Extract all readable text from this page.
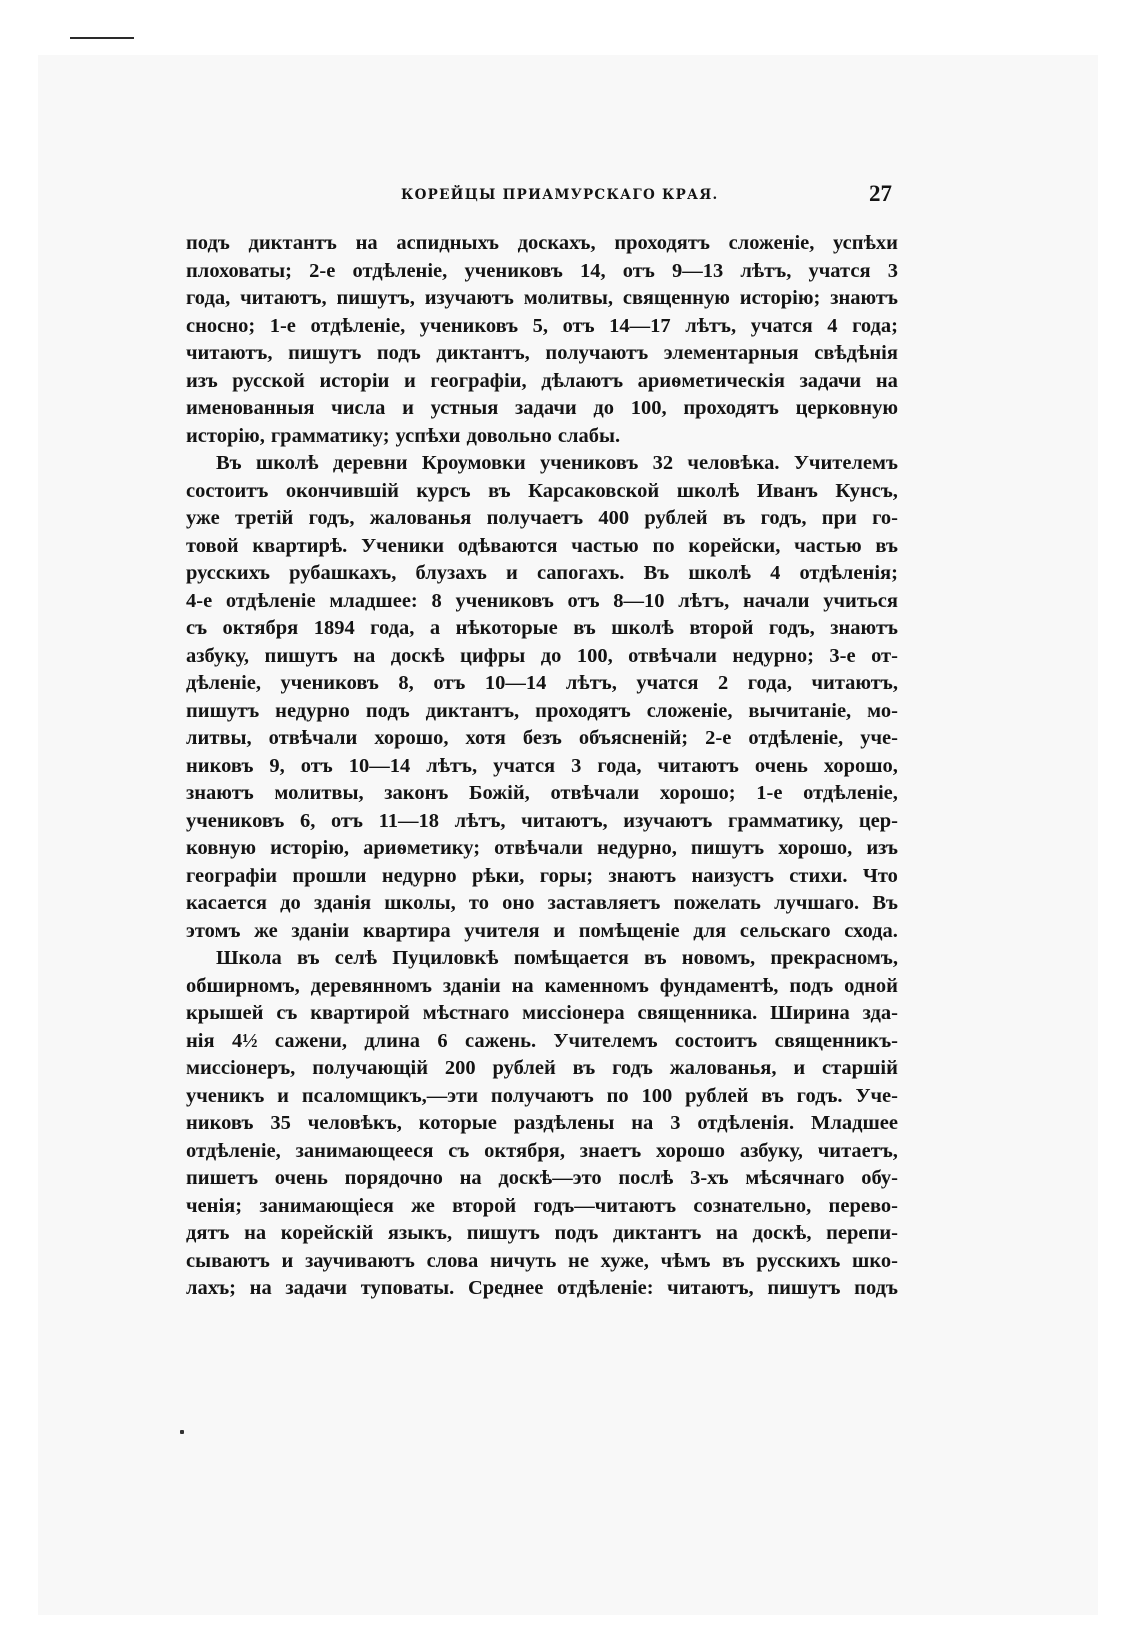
КОРЕЙЦЫ ПРИАМУРСКАГО КРАЯ.	27
подъ диктантъ на аспидныхъ доскахъ, проходятъ сложеніе, успѣхи
плоховаты; 2-е отдѣленіе, учениковъ 14, отъ 9—13 лѣтъ, учатся 3
года, читаютъ, пишутъ, изучаютъ молитвы, священную исторію; знаютъ
сносно; 1-е отдѣленіе, учениковъ 5, отъ 14—17 лѣтъ, учатся 4 года;
читаютъ, пишутъ подъ диктантъ, получаютъ элементарныя свѣдѣнія
изъ русской исторіи и географіи, дѣлаютъ ариѳметическія задачи на
именованныя числа и устныя задачи до 100, проходятъ церковную
исторію, грамматику; успѣхи довольно слабы.
Въ школѣ деревни Кроумовки учениковъ 32 человѣка. Учителемъ
состоитъ окончившій курсъ въ Карсаковской школѣ Иванъ Кунсъ,
уже третій годъ, жалованья получаетъ 400 рублей въ годъ, при го-
товой квартирѣ. Ученики одѣваются частью по корейски, частью въ
русскихъ рубашкахъ, блузахъ и сапогахъ. Въ школѣ 4 отдѣленія;
4-е отдѣленіе младшее: 8 учениковъ отъ 8—10 лѣтъ, начали учиться
съ октября 1894 года, а нѣкоторые въ школѣ второй годъ, знаютъ
азбуку, пишутъ на доскѣ цифры до 100, отвѣчали недурно; 3-е от-
дѣленіе, учениковъ 8, отъ 10—14 лѣтъ, учатся 2 года, читаютъ,
пишутъ недурно подъ диктантъ, проходятъ сложеніе, вычитаніе, мо-
литвы, отвѣчали хорошо, хотя безъ объясненій; 2-е отдѣленіе, уче-
никовъ 9, отъ 10—14 лѣтъ, учатся 3 года, читаютъ очень хорошо,
знаютъ молитвы, законъ Божій, отвѣчали хорошо; 1-е отдѣленіе,
учениковъ 6, отъ 11—18 лѣтъ, читаютъ, изучаютъ грамматику, цер-
ковную исторію, ариѳметику; отвѣчали недурно, пишутъ хорошо, изъ
географіи прошли недурно рѣки, горы; знаютъ наизустъ стихи. Что
касается до зданія школы, то оно заставляетъ пожелать лучшаго. Въ
этомъ же зданіи квартира учителя и помѣщеніе для сельскаго схода.
Школа въ селѣ Пуциловкѣ помѣщается въ новомъ, прекрасномъ,
обширномъ, деревянномъ зданіи на каменномъ фундаментѣ, подъ одной
крышей съ квартирой мѣстнаго миссіонера священника. Ширина зда-
нія 4½ сажени, длина 6 сажень. Учителемъ состоитъ священникъ-
миссіонеръ, получающій 200 рублей въ годъ жалованья, и старшій
ученикъ и псаломщикъ,—эти получаютъ по 100 рублей въ годъ. Уче-
никовъ 35 человѣкъ, которые раздѣлены на 3 отдѣленія. Младшее
отдѣленіе, занимающееся съ октября, знаетъ хорошо азбуку, читаетъ,
пишетъ очень порядочно на доскѣ—это послѣ 3-хъ мѣсячнаго обу-
ченія; занимающіеся же второй годъ—читаютъ сознательно, перево-
дятъ на корейскій языкъ, пишутъ подъ диктантъ на доскѣ, перепи-
сываютъ и заучиваютъ слова ничуть не хуже, чѣмъ въ русскихъ шко-
лахъ; на задачи туповаты. Среднее отдѣленіе: читаютъ, пишутъ подъ
